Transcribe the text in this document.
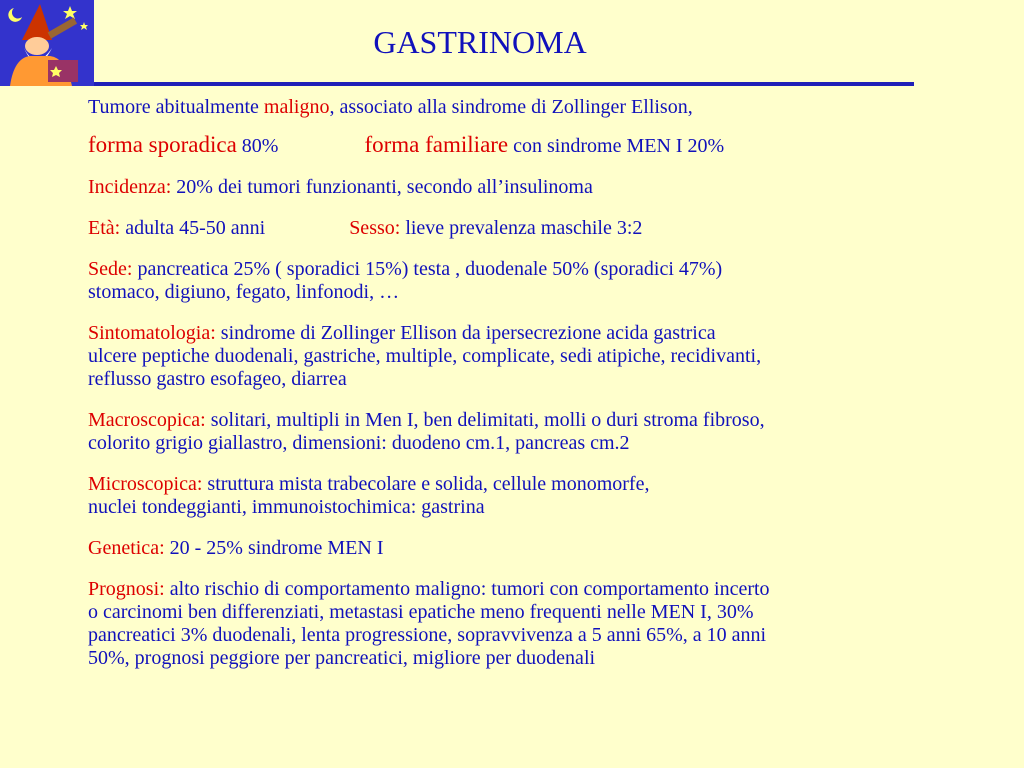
GASTRINOMA
Tumore abitualmente maligno, associato alla sindrome di Zollinger Ellison,
forma sporadica 80%	forma familiare con sindrome MEN I 20%
Incidenza: 20% dei tumori funzionanti, secondo all’insulinoma
Età: adulta 45-50 anni	Sesso: lieve prevalenza maschile 3:2
Sede: pancreatica 25% ( sporadici 15%) testa , duodenale 50% (sporadici 47%)
stomaco, digiuno, fegato, linfonodi, …
Sintomatologia: sindrome di Zollinger Ellison da ipersecrezione acida gastrica
ulcere peptiche duodenali, gastriche, multiple, complicate, sedi atipiche, recidivanti,
reflusso gastro esofageo, diarrea
Macroscopica: solitari, multipli in Men I, ben delimitati, molli o duri stroma fibroso,
colorito grigio giallastro, dimensioni: duodeno cm.1, pancreas cm.2
Microscopica: struttura mista trabecolare e solida, cellule monomorfe,
nuclei tondeggianti, immunoistochimica: gastrina
Genetica: 20 - 25% sindrome MEN I
Prognosi: alto rischio di comportamento maligno: tumori con comportamento incerto
o carcinomi ben differenziati, metastasi epatiche meno frequenti nelle MEN I, 30%
pancreatici 3% duodenali, lenta progressione, sopravvivenza a 5 anni 65%, a 10 anni
50%, prognosi peggiore per pancreatici, migliore per duodenali
